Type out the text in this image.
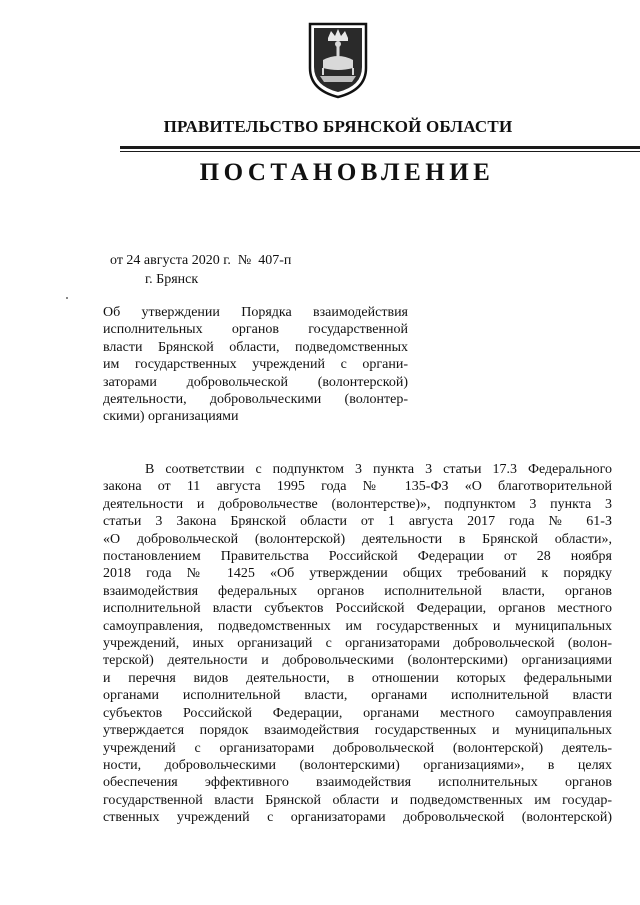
ПРАВИТЕЛЬСТВО БРЯНСКОЙ ОБЛАСТИ
ПОСТАНОВЛЕНИЕ
от 24 августа 2020 г.  №  407-п
г. Брянск
Об утверждении Порядка взаимодействия
исполнительных органов государственной
власти Брянской области, подведомственных
им государственных учреждений с органи-
заторами добровольческой (волонтерской)
деятельности, добровольческими (волонтер-
скими) организациями
В соответствии с подпунктом 3 пункта 3 статьи 17.3 Федерального
закона от 11 августа 1995 года № 135-ФЗ «О благотворительной
деятельности и добровольчестве (волонтерстве)», подпунктом 3 пункта 3
статьи 3 Закона Брянской области от 1 августа 2017 года № 61-З
«О добровольческой (волонтерской) деятельности в Брянской области»,
постановлением Правительства Российской Федерации от 28 ноября
2018 года № 1425 «Об утверждении общих требований к порядку
взаимодействия федеральных органов исполнительной власти, органов
исполнительной власти субъектов Российской Федерации, органов местного
самоуправления, подведомственных им государственных и муниципальных
учреждений, иных организаций с организаторами добровольческой (волон-
терской) деятельности и добровольческими (волонтерскими) организациями
и перечня видов деятельности, в отношении которых федеральными
органами исполнительной власти, органами исполнительной власти
субъектов Российской Федерации, органами местного самоуправления
утверждается порядок взаимодействия государственных и муниципальных
учреждений с организаторами добровольческой (волонтерской) деятель-
ности, добровольческими (волонтерскими) организациями», в целях
обеспечения эффективного взаимодействия исполнительных органов
государственной власти Брянской области и подведомственных им государ-
ственных учреждений с организаторами добровольческой (волонтерской)
